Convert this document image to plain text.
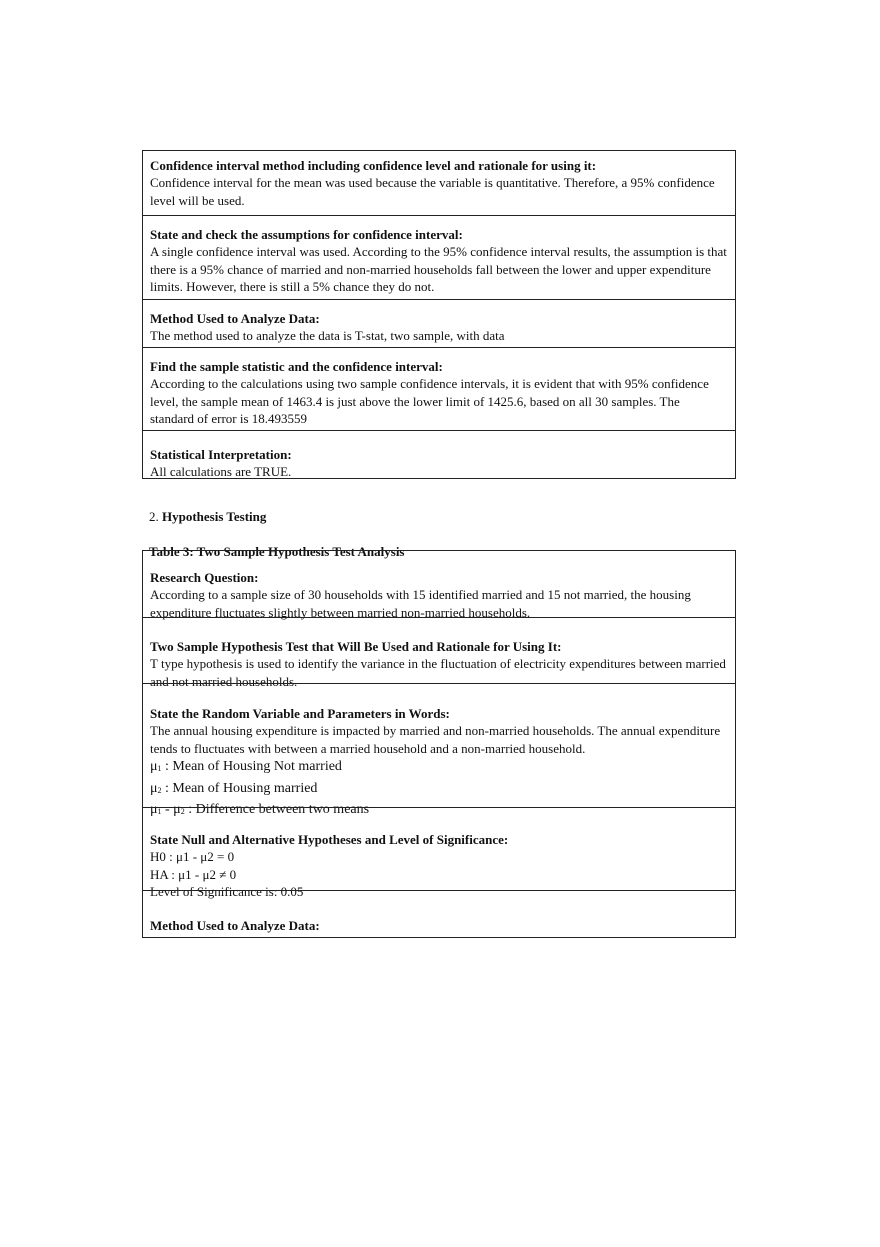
Confidence interval method including confidence level and rationale for using it:
Confidence interval for the mean was used because the variable is quantitative. Therefore, a 95% confidence level will be used.
State and check the assumptions for confidence interval:
A single confidence interval was used. According to the 95% confidence interval results, the assumption is that there is a 95% chance of married and non-married households fall between the lower and upper expenditure limits. However, there is still a 5% chance they do not.
Method Used to Analyze Data:
The method used to analyze the data is T-stat, two sample, with data
Find the sample statistic and the confidence interval:
According to the calculations using two sample confidence intervals, it is evident that with 95% confidence level, the sample mean of 1463.4 is just above the lower limit of 1425.6, based on all 30 samples. The standard of error is 18.493559
Statistical Interpretation:
All calculations are TRUE.
2. Hypothesis Testing
Table 3: Two Sample Hypothesis Test Analysis
Research Question:
According to a sample size of 30 households with 15 identified married and 15 not married, the housing expenditure fluctuates slightly between married non-married households.
Two Sample Hypothesis Test that Will Be Used and Rationale for Using It:
T type hypothesis is used to identify the variance in the fluctuation of electricity expenditures between married and not married households.
State the Random Variable and Parameters in Words:
The annual housing expenditure is impacted by married and non-married households. The annual expenditure tends to fluctuates with between a married household and a non-married household.
$\mu_1$ : Mean of Housing Not married
$\mu_2$ : Mean of Housing married
$\mu_1 - \mu_2$ : Difference between two means
State Null and Alternative Hypotheses and Level of Significance:
H0 : μ1 - μ2 = 0
HA : μ1 - μ2 ≠ 0
Level of Significance is: 0.05
Method Used to Analyze Data:
